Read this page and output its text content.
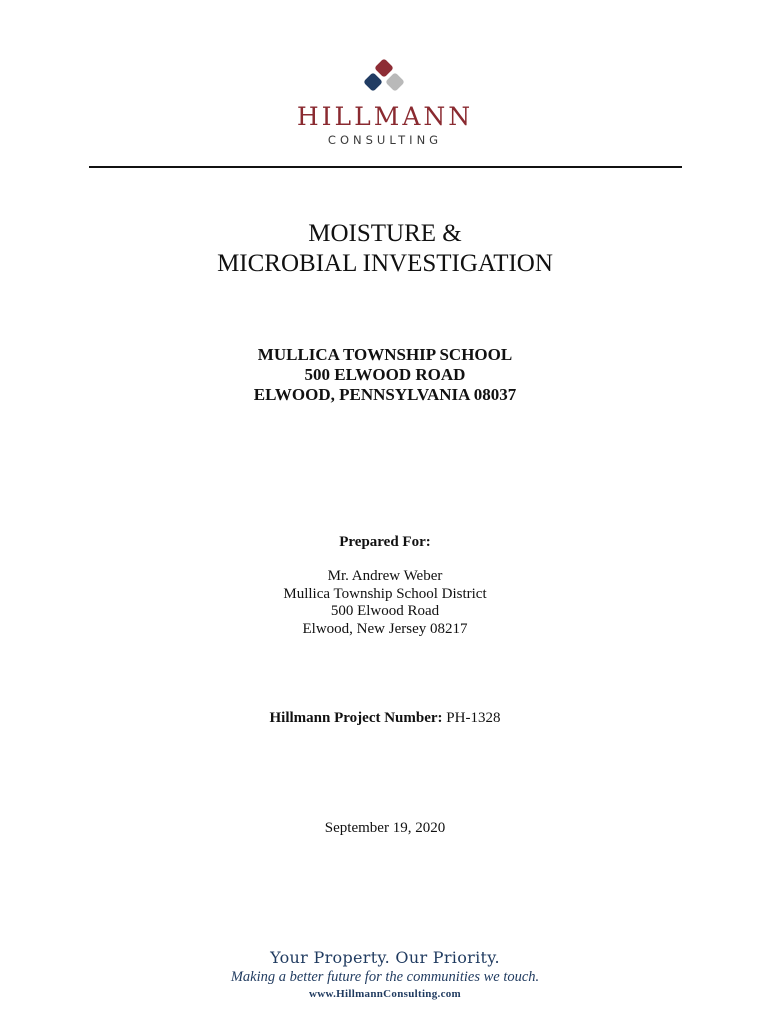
HILLMANN
CONSULTING
MOISTURE &
MICROBIAL INVESTIGATION
MULLICA TOWNSHIP SCHOOL
500 ELWOOD ROAD
ELWOOD, PENNSYLVANIA 08037
Prepared For:
Mr. Andrew Weber
Mullica Township School District
500 Elwood Road
Elwood, New Jersey 08217
Hillmann Project Number: PH-1328
September 19, 2020
Your Property. Our Priority.
Making a better future for the communities we touch.
www.HillmannConsulting.com
